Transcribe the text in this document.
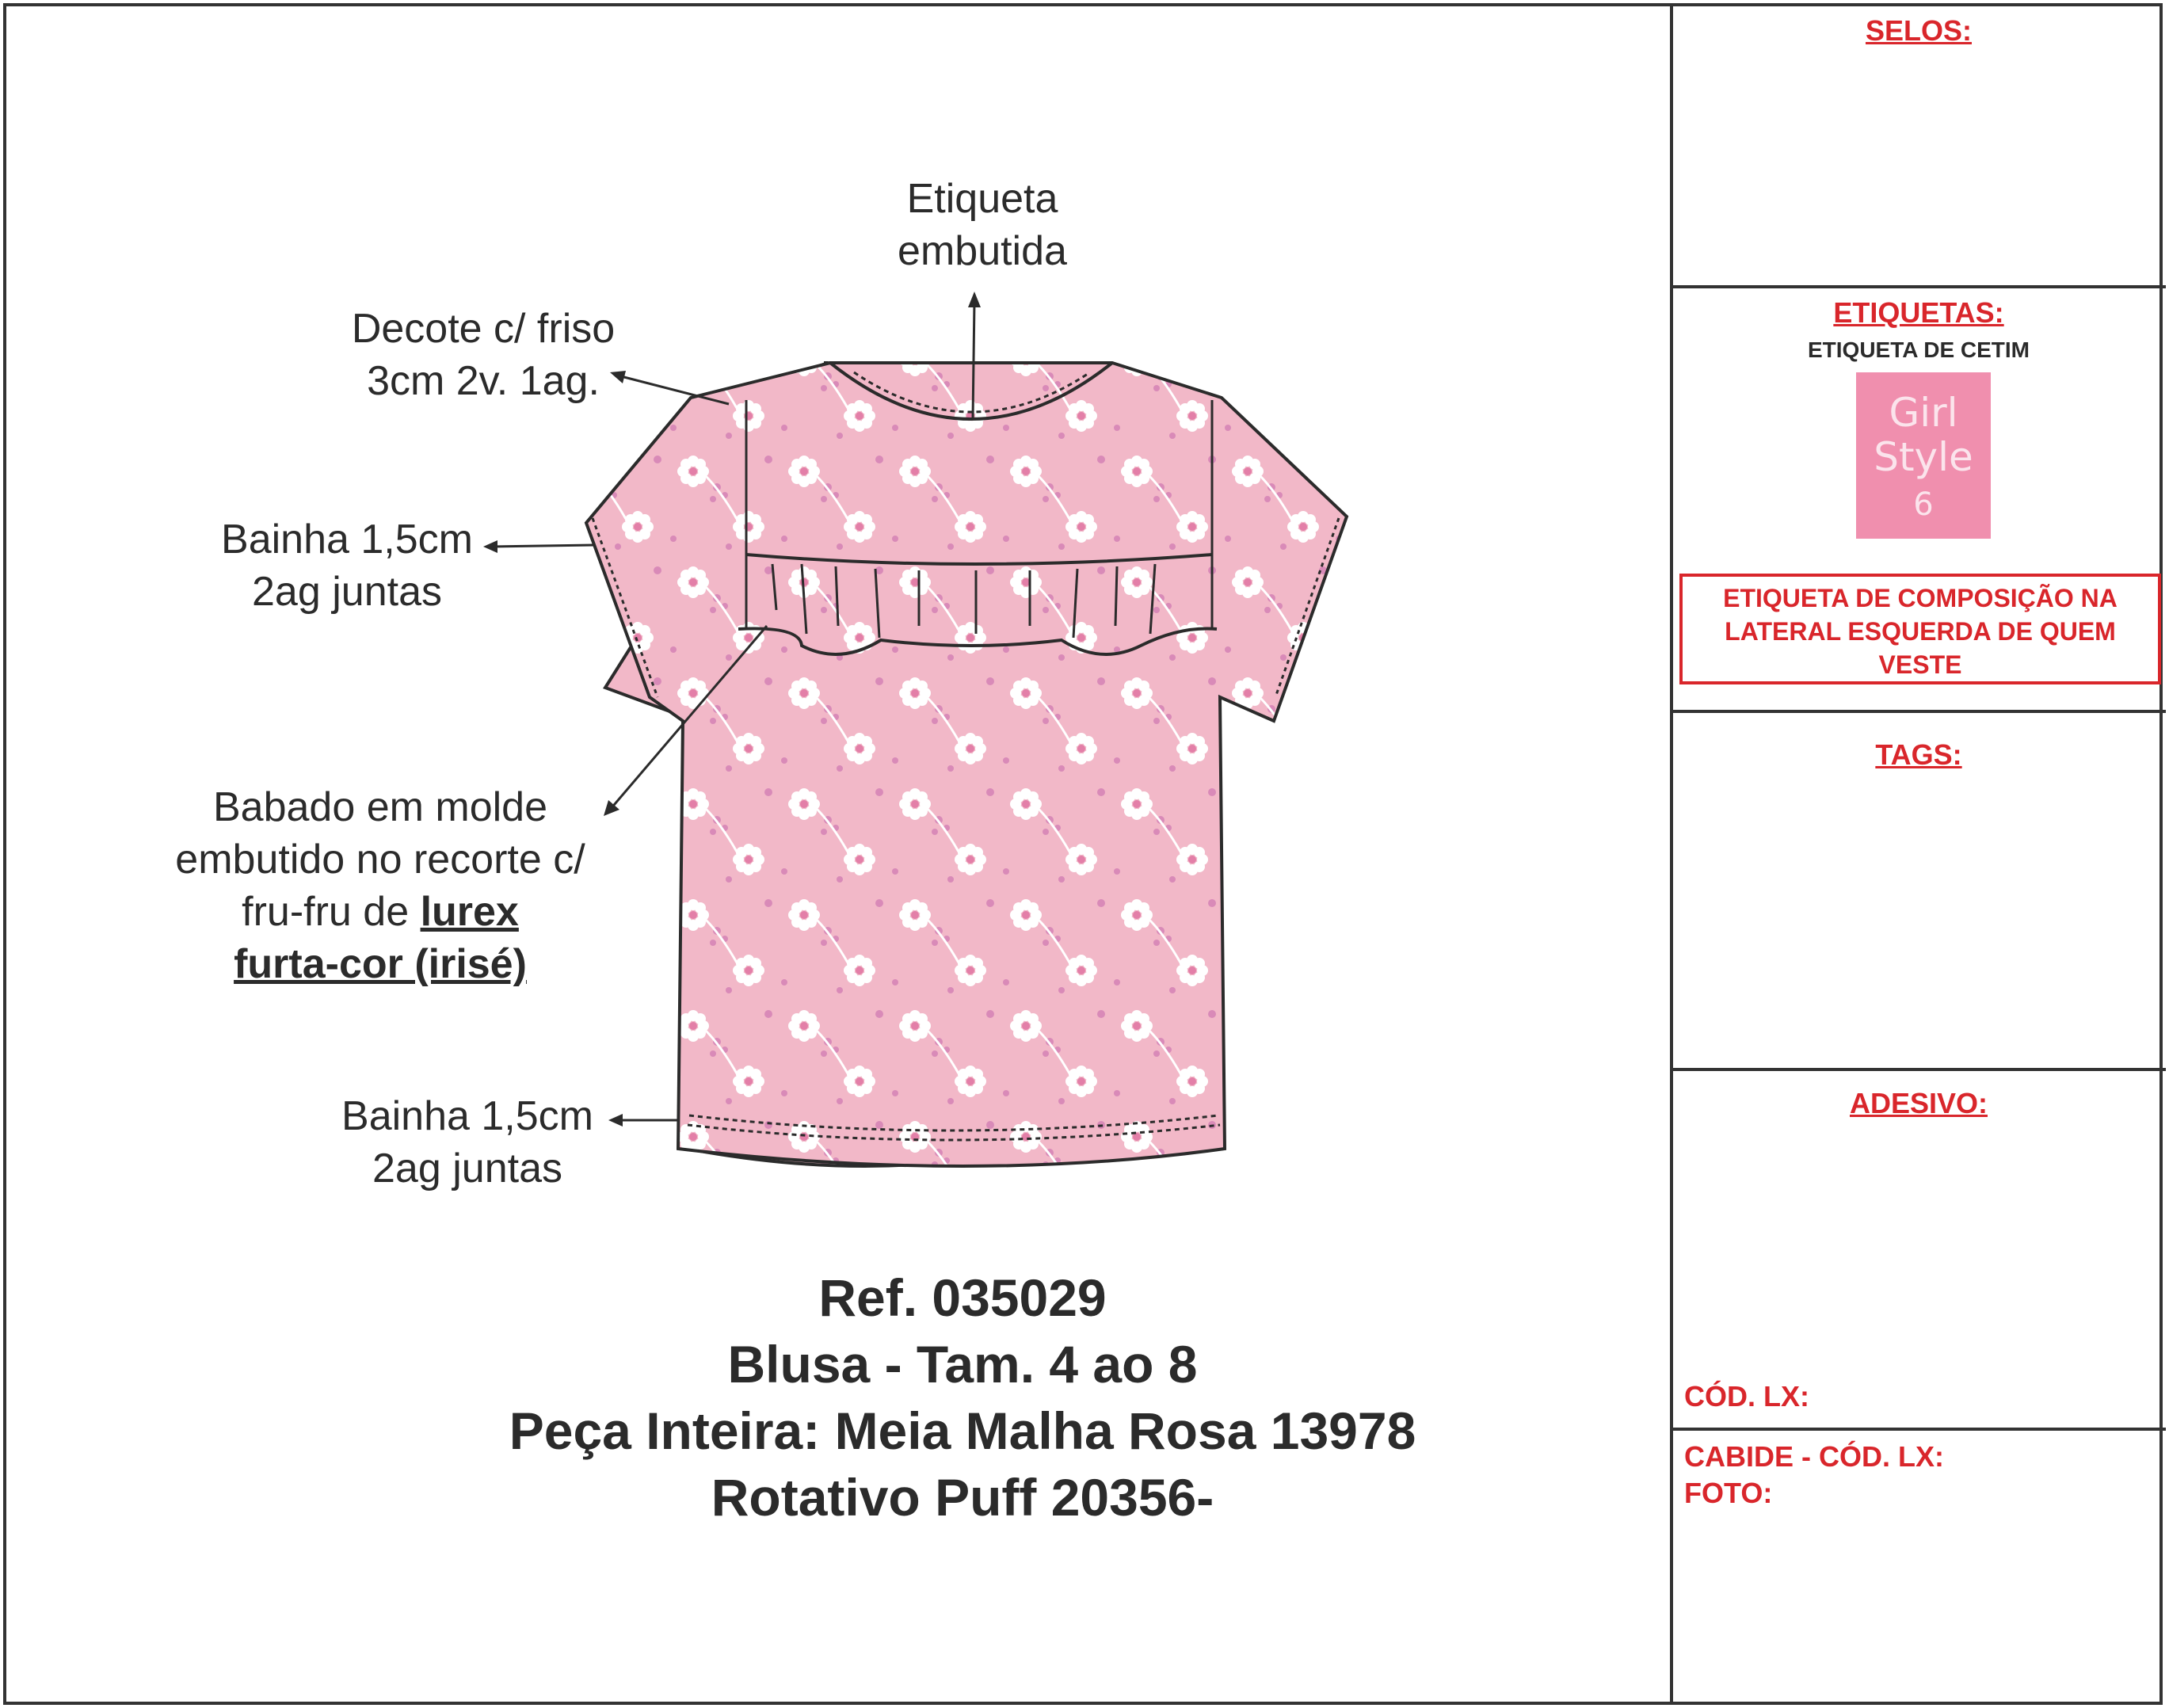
Etiqueta
embutida
Decote c/ friso
3cm 2v. 1ag.
Bainha 1,5cm
2ag juntas
Babado em molde
embutido no recorte c/
fru-fru de lurex
furta-cor (irisé)
Bainha 1,5cm
2ag juntas
Ref. 035029
Blusa - Tam. 4 ao 8
Peça Inteira: Meia Malha Rosa 13978
Rotativo Puff 20356-
SELOS:
ETIQUETAS:
ETIQUETA DE CETIM
Girl
Style
6
ETIQUETA DE COMPOSIÇÃO NA
LATERAL ESQUERDA DE QUEM
VESTE
TAGS:
ADESIVO:
CÓD. LX:
CABIDE - CÓD. LX:
FOTO:
